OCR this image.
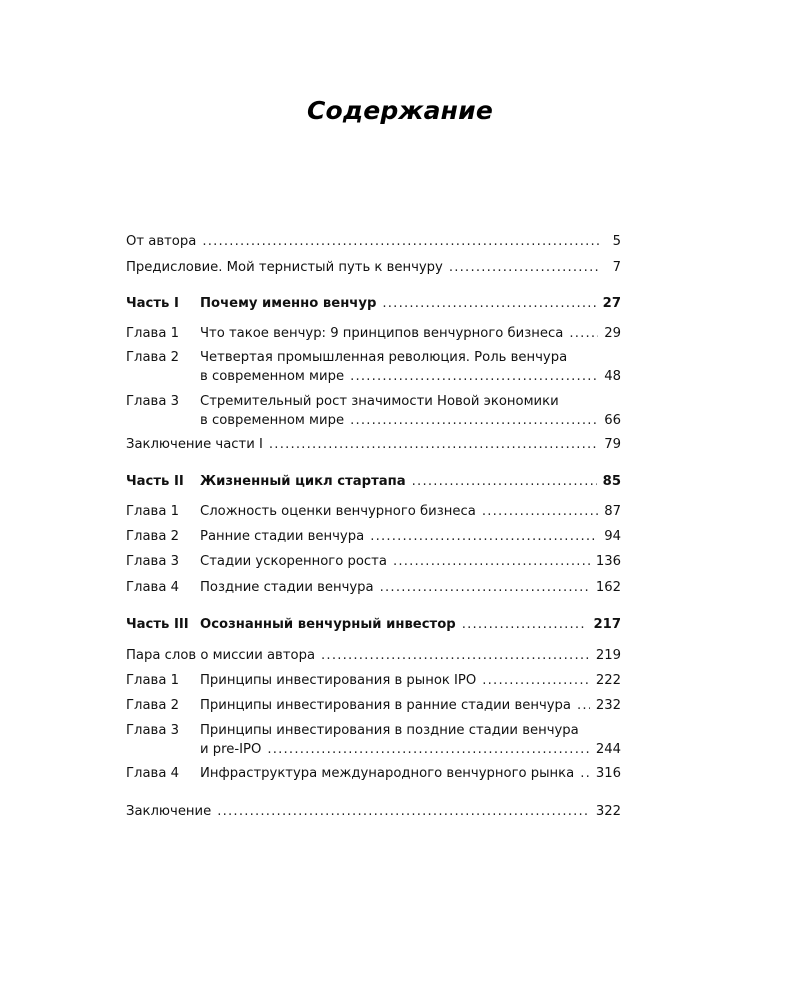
Содержание
От автора .....	5
Предисловие. Мой тернистый путь к венчуру .....	7
Часть I Почему именно венчур .....	27
Глава 1 Что такое венчур: 9 принципов венчурного бизнеса .....	29
Глава 2 Четвертая промышленная революция. Роль венчура
в современном мире .....	48
Глава 3 Стремительный рост значимости Новой экономики
в современном мире .....	66
Заключение части I .....	79
Часть II Жизненный цикл стартапа .....	85
Глава 1 Сложность оценки венчурного бизнеса .....	87
Глава 2 Ранние стадии венчура .....	94
Глава 3 Стадии ускоренного роста .....	136
Глава 4 Поздние стадии венчура .....	162
Часть III Осознанный венчурный инвестор .....	217
Пара слов о миссии автора .....	219
Глава 1 Принципы инвестирования в рынок IPO .....	222
Глава 2 Принципы инвестирования в ранние стадии венчура ..... 232
Глава 3 Принципы инвестирования в поздние стадии венчура
и pre-IPO .....	244
Глава 4 Инфраструктура международного венчурного рынка ..... 316
Заключение .....	322
